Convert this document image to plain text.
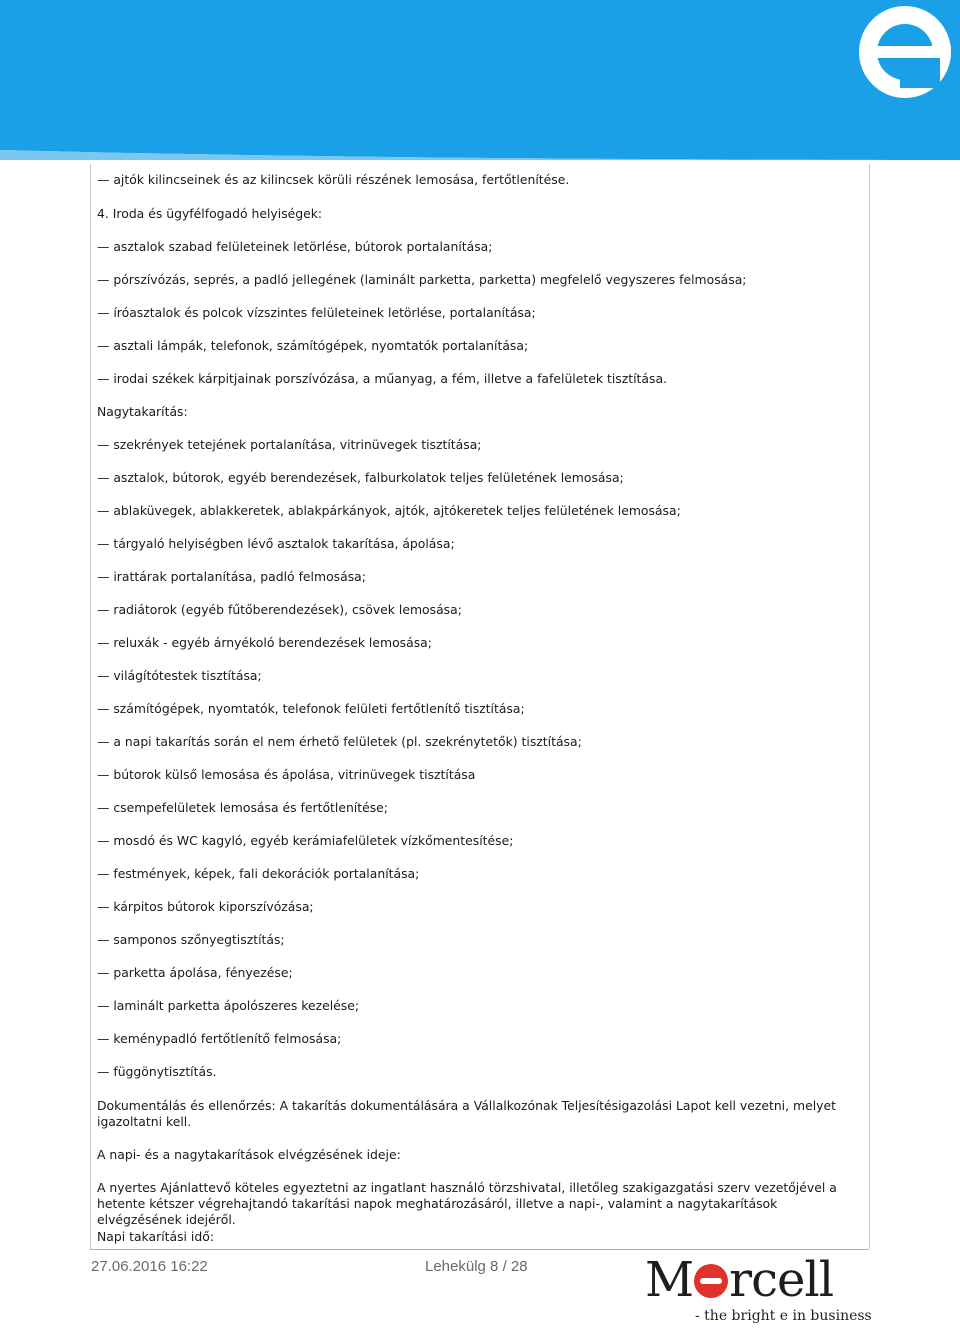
— ajtók kilincseinek és az kilincsek körüli részének lemosása, fertőtlenítése.
4. Iroda és ügyfélfogadó helyiségek:
— asztalok szabad felületeinek letörlése, bútorok portalanítása;
— pórszívózás, seprés, a padló jellegének (laminált parketta, parketta) megfelelő vegyszeres felmosása;
— íróasztalok és polcok vízszintes felületeinek letörlése, portalanítása;
— asztali lámpák, telefonok, számítógépek, nyomtatók portalanítása;
— irodai székek kárpitjainak porszívózása, a műanyag, a fém, illetve a fafelületek tisztítása.
Nagytakarítás:
— szekrények tetejének portalanítása, vitrinüvegek tisztítása;
— asztalok, bútorok, egyéb berendezések, falburkolatok teljes felületének lemosása;
— ablaküvegek, ablakkeretek, ablakpárkányok, ajtók, ajtókeretek teljes felületének lemosása;
— tárgyaló helyiségben lévő asztalok takarítása, ápolása;
— irattárak portalanítása, padló felmosása;
— radiátorok (egyéb fűtőberendezések), csövek lemosása;
— reluxák - egyéb árnyékoló berendezések lemosása;
— világítótestek tisztítása;
— számítógépek, nyomtatók, telefonok felületi fertőtlenítő tisztítása;
— a napi takarítás során el nem érhető felületek (pl. szekrénytetők) tisztítása;
— bútorok külső lemosása és ápolása, vitrinüvegek tisztítása
— csempefelületek lemosása és fertőtlenítése;
— mosdó és WC kagyló, egyéb kerámiafelületek vízkőmentesítése;
— festmények, képek, fali dekorációk portalanítása;
— kárpitos bútorok kiporszívózása;
— samponos szőnyegtisztítás;
— parketta ápolása, fényezése;
— laminált parketta ápolószeres kezelése;
— keménypadló fertőtlenítő felmosása;
— függönytisztítás.
Dokumentálás és ellenőrzés: A takarítás dokumentálására a Vállalkozónak Teljesítésigazolási Lapot kell vezetni, melyet igazoltatni kell.
A napi- és a nagytakarítások elvégzésének ideje:
A nyertes Ajánlattevő köteles egyeztetni az ingatlant használó törzshivatal, illetőleg szakigazgatási szerv vezetőjével a hetente kétszer végrehajtandó takarítási napok meghatározásáról, illetve a napi-, valamint a nagytakarítások elvégzésének idejéről.
Napi takarítási idő:
27.06.2016 16:22	Lehekülg 8 / 28 M rcell
- the bright e in business
